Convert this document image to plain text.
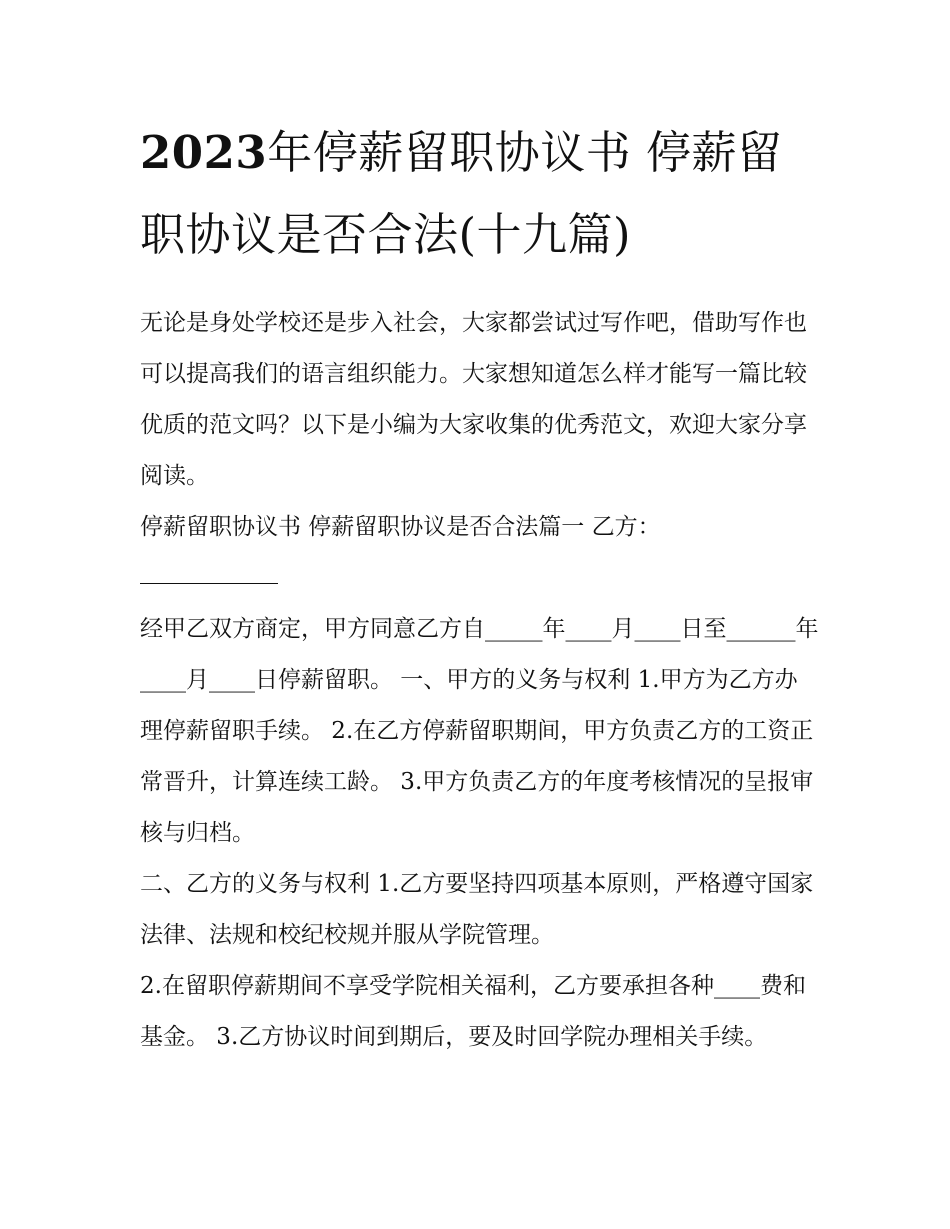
2023年停薪留职协议书 停薪留职协议是否合法(十九篇)

无论是身处学校还是步入社会，大家都尝试过写作吧，借助写作也可以提高我们的语言组织能力。大家想知道怎么样才能写一篇比较优质的范文吗？以下是小编为大家收集的优秀范文，欢迎大家分享阅读。

停薪留职协议书 停薪留职协议是否合法篇一 乙方：

经甲乙双方商定，甲方同意乙方自_____年____月____日至______年____月____日停薪留职。 一、甲方的义务与权利 1.甲方为乙方办理停薪留职手续。 2.在乙方停薪留职期间，甲方负责乙方的工资正常晋升，计算连续工龄。 3.甲方负责乙方的年度考核情况的呈报审核与归档。

二、乙方的义务与权利 1.乙方要坚持四项基本原则，严格遵守国家法律、法规和校纪校规并服从学院管理。

2.在留职停薪期间不享受学院相关福利，乙方要承担各种____费和基金。 3.乙方协议时间到期后，要及时回学院办理相关手续。
